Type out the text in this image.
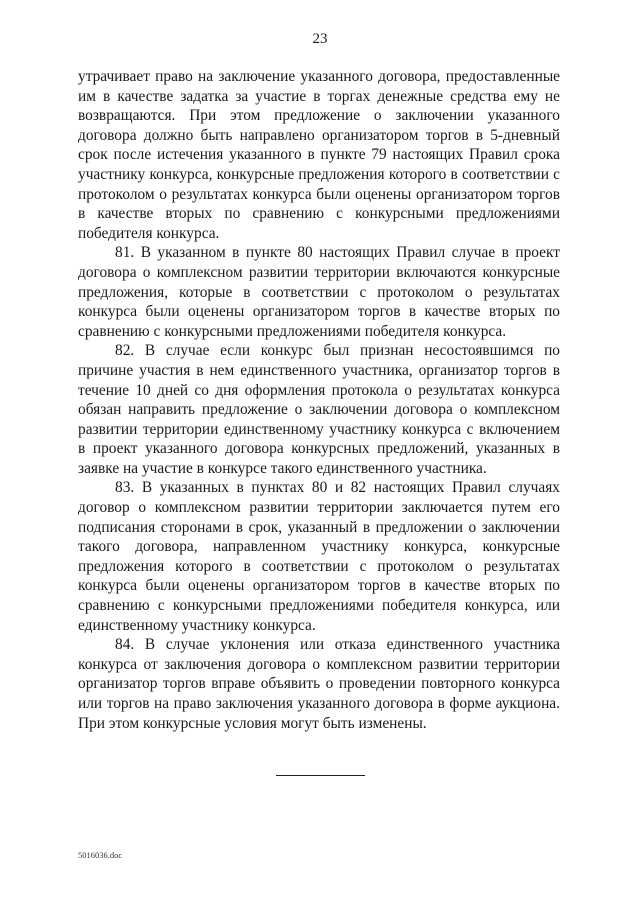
23

утрачивает право на заключение указанного договора, предоставленные им в качестве задатка за участие в торгах денежные средства ему не возвращаются. При этом предложение о заключении указанного договора должно быть направлено организатором торгов в 5-дневный срок после истечения указанного в пункте 79 настоящих Правил срока участнику конкурса, конкурсные предложения которого в соответствии с протоколом о результатах конкурса были оценены организатором торгов в качестве вторых по сравнению с конкурсными предложениями победителя конкурса.

81. В указанном в пункте 80 настоящих Правил случае в проект договора о комплексном развитии территории включаются конкурсные предложения, которые в соответствии с протоколом о результатах конкурса были оценены организатором торгов в качестве вторых по сравнению с конкурсными предложениями победителя конкурса.

82. В случае если конкурс был признан несостоявшимся по причине участия в нем единственного участника, организатор торгов в течение 10 дней со дня оформления протокола о результатах конкурса обязан направить предложение о заключении договора о комплексном развитии территории единственному участнику конкурса с включением в проект указанного договора конкурсных предложений, указанных в заявке на участие в конкурсе такого единственного участника.

83. В указанных в пунктах 80 и 82 настоящих Правил случаях договор о комплексном развитии территории заключается путем его подписания сторонами в срок, указанный в предложении о заключении такого договора, направленном участнику конкурса, конкурсные предложения которого в соответствии с протоколом о результатах конкурса были оценены организатором торгов в качестве вторых по сравнению с конкурсными предложениями победителя конкурса, или единственному участнику конкурса.

84. В случае уклонения или отказа единственного участника конкурса от заключения договора о комплексном развитии территории организатор торгов вправе объявить о проведении повторного конкурса или торгов на право заключения указанного договора в форме аукциона. При этом конкурсные условия могут быть изменены.

5016036.doc
